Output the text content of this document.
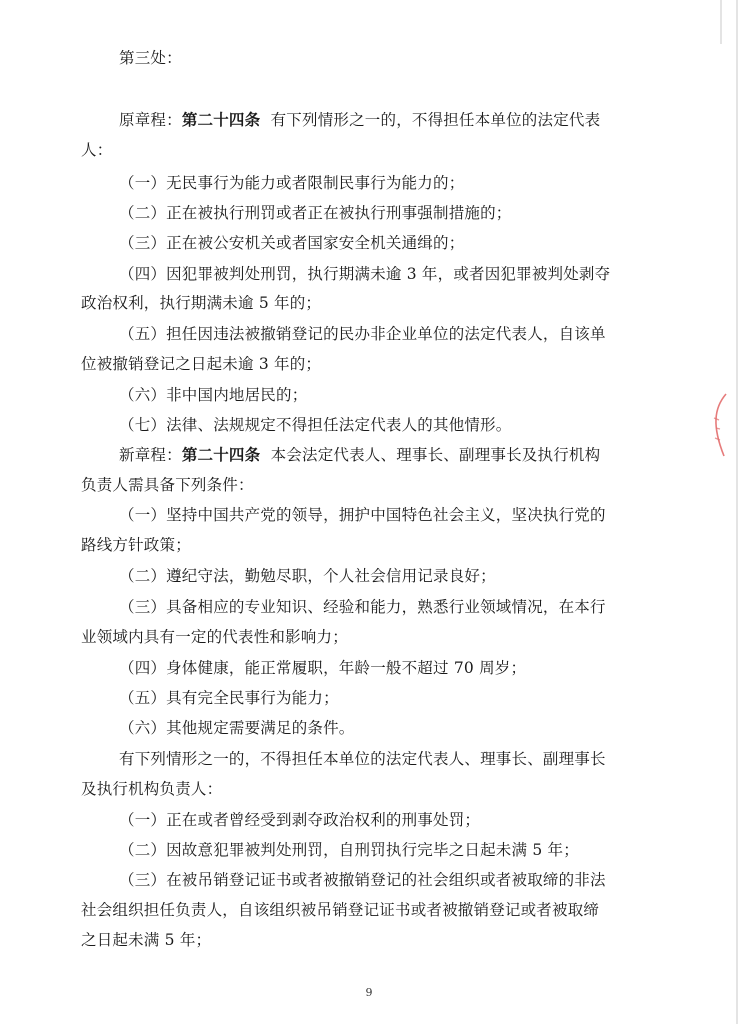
第三处：
原章程：第二十四条 有下列情形之一的，不得担任本单位的法定代表
人：
（一）无民事行为能力或者限制民事行为能力的；
（二）正在被执行刑罚或者正在被执行刑事强制措施的；
（三）正在被公安机关或者国家安全机关通缉的；
（四）因犯罪被判处刑罚，执行期满未逾 3 年，或者因犯罪被判处剥夺
政治权利，执行期满未逾 5 年的；
（五）担任因违法被撤销登记的民办非企业单位的法定代表人，自该单
位被撤销登记之日起未逾 3 年的；
（六）非中国内地居民的；
（七）法律、法规规定不得担任法定代表人的其他情形。
新章程：第二十四条 本会法定代表人、理事长、副理事长及执行机构
负责人需具备下列条件：
（一）坚持中国共产党的领导，拥护中国特色社会主义，坚决执行党的
路线方针政策；
（二）遵纪守法，勤勉尽职，个人社会信用记录良好；
（三）具备相应的专业知识、经验和能力，熟悉行业领域情况，在本行
业领域内具有一定的代表性和影响力；
（四）身体健康，能正常履职，年龄一般不超过 70 周岁；
（五）具有完全民事行为能力；
（六）其他规定需要满足的条件。
有下列情形之一的，不得担任本单位的法定代表人、理事长、副理事长
及执行机构负责人：
（一）正在或者曾经受到剥夺政治权利的刑事处罚；
（二）因故意犯罪被判处刑罚，自刑罚执行完毕之日起未满 5 年；
（三）在被吊销登记证书或者被撤销登记的社会组织或者被取缔的非法
社会组织担任负责人，自该组织被吊销登记证书或者被撤销登记或者被取缔
之日起未满 5 年；
9
